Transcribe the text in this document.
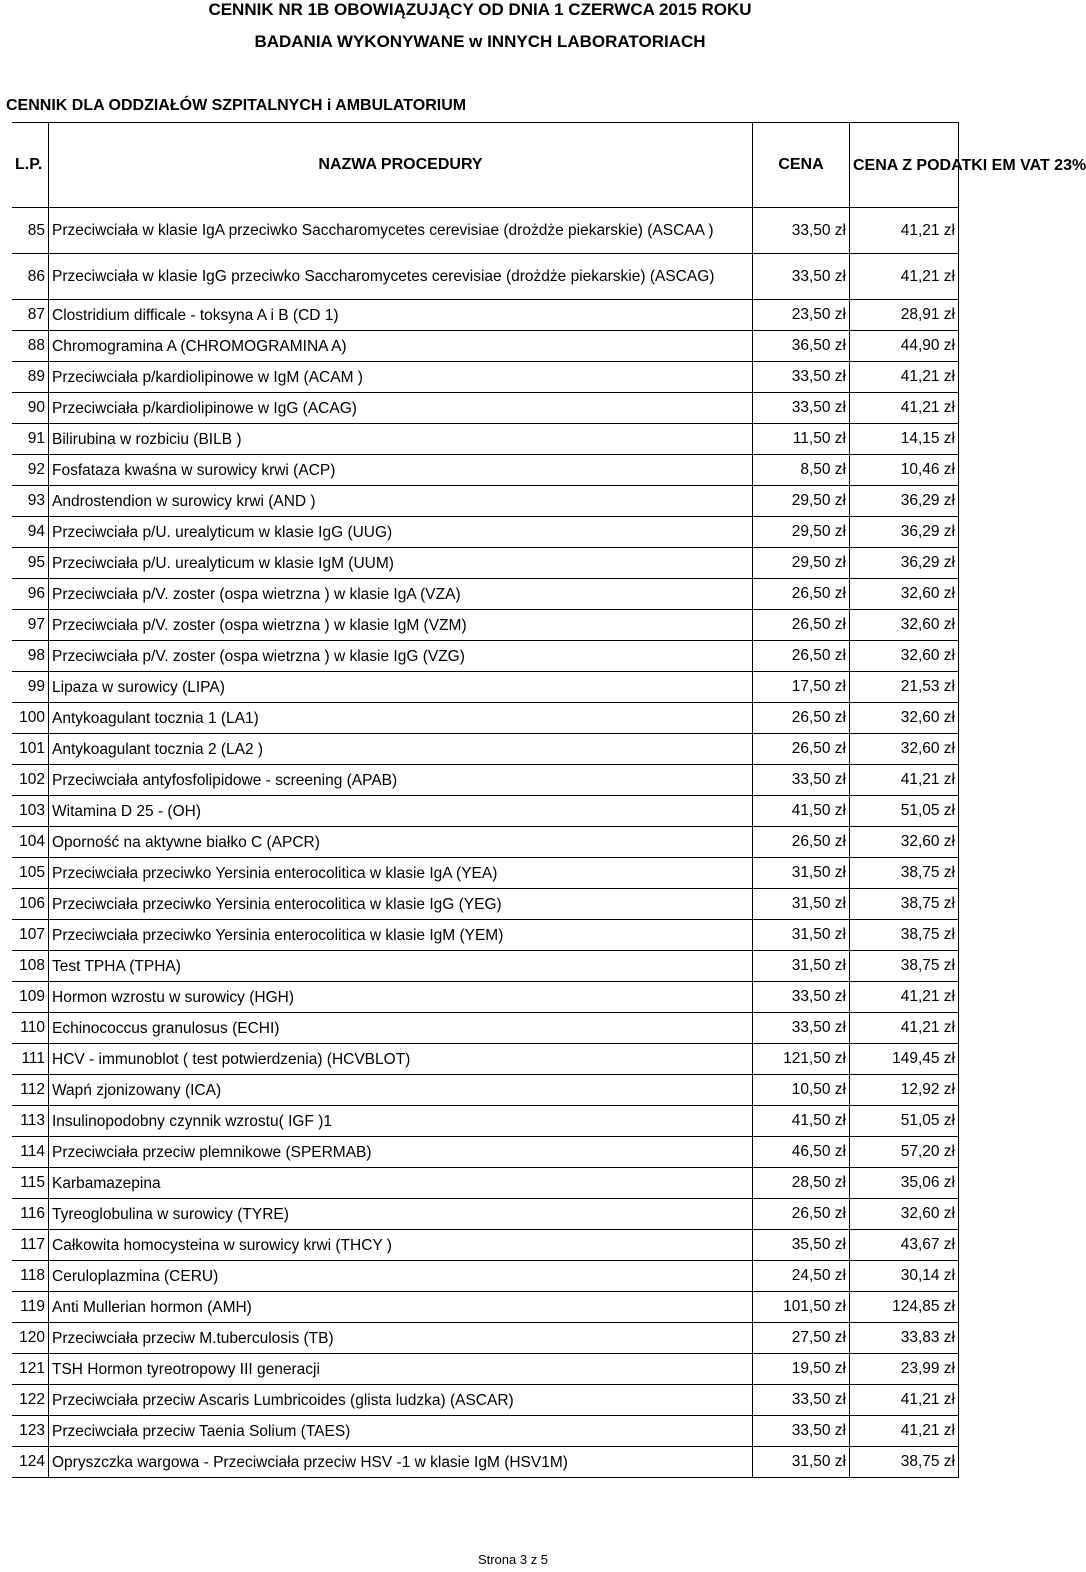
CENNIK NR 1B OBOWIĄZUJĄCY OD DNIA 1 CZERWCA 2015 ROKU
BADANIA WYKONYWANE w INNYCH LABORATORIACH
CENNIK DLA ODDZIAŁÓW SZPITALNYCH i AMBULATORIUM
L.P.	NAZWA PROCEDURY	CENA	CENA Z PODATKI EM VAT 23%
85	Przeciwciała w klasie IgA przeciwko Saccharomycetes cerevisiae (drożdże piekarskie) (ASCAA )	33,50 zł	41,21 zł
86	Przeciwciała w klasie IgG przeciwko Saccharomycetes cerevisiae (drożdże piekarskie) (ASCAG)	33,50 zł	41,21 zł
87	Clostridium difficale - toksyna A i B (CD 1)	23,50 zł	28,91 zł
88	Chromogramina A (CHROMOGRAMINA A)	36,50 zł	44,90 zł
89	Przeciwciała p/kardiolipinowe w IgM (ACAM )	33,50 zł	41,21 zł
90	Przeciwciała p/kardiolipinowe w IgG (ACAG)	33,50 zł	41,21 zł
91	Bilirubina w rozbiciu (BILB )	11,50 zł	14,15 zł
92	Fosfataza kwaśna w surowicy krwi (ACP)	8,50 zł	10,46 zł
93	Androstendion w surowicy krwi (AND )	29,50 zł	36,29 zł
94	Przeciwciała p/U. urealyticum w klasie IgG (UUG)	29,50 zł	36,29 zł
95	Przeciwciała p/U. urealyticum w klasie IgM (UUM)	29,50 zł	36,29 zł
96	Przeciwciała p/V. zoster (ospa wietrzna ) w klasie IgA (VZA)	26,50 zł	32,60 zł
97	Przeciwciała p/V. zoster (ospa wietrzna ) w klasie IgM (VZM)	26,50 zł	32,60 zł
98	Przeciwciała p/V. zoster (ospa wietrzna ) w klasie IgG (VZG)	26,50 zł	32,60 zł
99	Lipaza w surowicy (LIPA)	17,50 zł	21,53 zł
100	Antykoagulant tocznia 1 (LA1)	26,50 zł	32,60 zł
101	Antykoagulant tocznia 2 (LA2 )	26,50 zł	32,60 zł
102	Przeciwciała antyfosfolipidowe - screening (APAB)	33,50 zł	41,21 zł
103	Witamina D 25 - (OH)	41,50 zł	51,05 zł
104	Oporność na aktywne białko C (APCR)	26,50 zł	32,60 zł
105	Przeciwciała przeciwko Yersinia enterocolitica w klasie IgA (YEA)	31,50 zł	38,75 zł
106	Przeciwciała przeciwko Yersinia enterocolitica w klasie IgG (YEG)	31,50 zł	38,75 zł
107	Przeciwciała przeciwko Yersinia enterocolitica w klasie IgM (YEM)	31,50 zł	38,75 zł
108	Test TPHA (TPHA)	31,50 zł	38,75 zł
109	Hormon wzrostu w surowicy (HGH)	33,50 zł	41,21 zł
110	Echinococcus granulosus (ECHI)	33,50 zł	41,21 zł
111	HCV - immunoblot ( test potwierdzenia) (HCVBLOT)	121,50 zł	149,45 zł
112	Wapń zjonizowany (ICA)	10,50 zł	12,92 zł
113	Insulinopodobny czynnik wzrostu( IGF )1	41,50 zł	51,05 zł
114	Przeciwciała przeciw plemnikowe (SPERMAB)	46,50 zł	57,20 zł
115	Karbamazepina	28,50 zł	35,06 zł
116	Tyreoglobulina w surowicy (TYRE)	26,50 zł	32,60 zł
117	Całkowita homocysteina w surowicy krwi (THCY )	35,50 zł	43,67 zł
118	Ceruloplazmina (CERU)	24,50 zł	30,14 zł
119	Anti Mullerian hormon (AMH)	101,50 zł	124,85 zł
120	Przeciwciała przeciw M.tuberculosis (TB)	27,50 zł	33,83 zł
121	TSH Hormon tyreotropowy III generacji	19,50 zł	23,99 zł
122	Przeciwciała przeciw Ascaris Lumbricoides (glista ludzka) (ASCAR)	33,50 zł	41,21 zł
123	Przeciwciała przeciw Taenia Solium (TAES)	33,50 zł	41,21 zł
124	Opryszczka wargowa - Przeciwciała przeciw HSV -1 w klasie IgM (HSV1M)	31,50 zł	38,75 zł
Strona 3 z 5
